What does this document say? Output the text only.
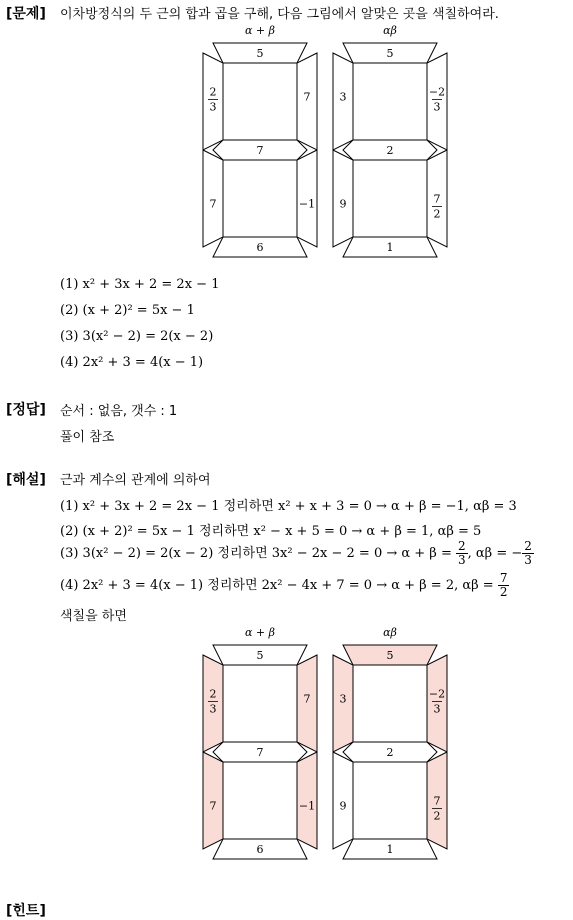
[문제] 이차방정식의 두 근의 합과 곱을 구해, 다음 그림에서 알맞은 곳을 색칠하여라.
α + β
5
7
6
2
3
7
7	−1
αβ
5
2
1
3	−2
3
9	7
2
(1) x² + 3x + 2 = 2x − 1
(2) (x + 2)² = 5x − 1
(3) 3(x² − 2) = 2(x − 2)
(4) 2x² + 3 = 4(x − 1)
[정답] 순서 : 없음, 갯수 : 1
풀이 참조
[해설] 근과 계수의 관계에 의하여
(1) x² + 3x + 2 = 2x − 1 정리하면 x² + x + 3 = 0 → α + β = −1, αβ = 3
(2) (x + 2)² = 5x − 1 정리하면 x² − x + 5 = 0 → α + β = 1, αβ = 5
(3) 3(x² − 2) = 2(x − 2) 정리하면 $3x^2 - 2x - 2 = 0 \to \alpha + \beta = \frac{2}{3}$ , αβ = − $\frac{2}{3}$
(4) 2x² + 3 = 4(x − 1) 정리하면 2x² − 4x + 7 = 0 → α + β = 2, $\alpha\beta = \frac{7}{2}$
색칠을 하면
α + β
5
7
6
2
3
7
7	−1
αβ
5
2
1
3	−2
3
9	7
2
[힌트]
